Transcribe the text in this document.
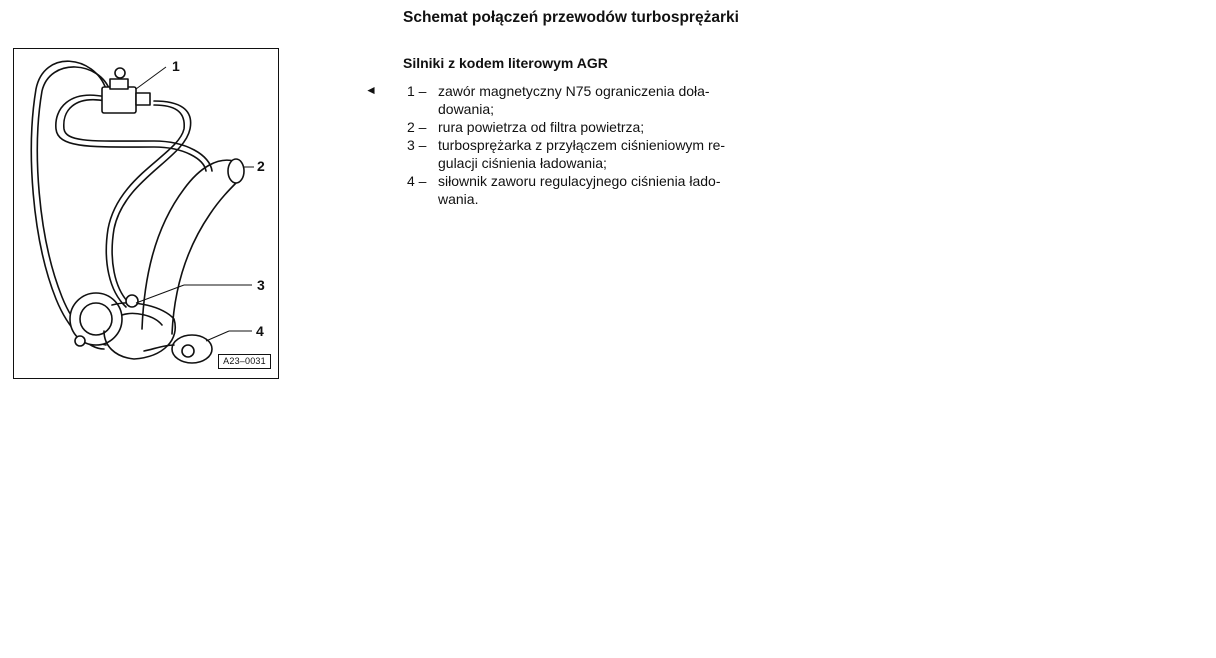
1
2
3
4
A23–0031
Schemat połączeń przewodów turbosprężarki
Silniki z kodem literowym AGR
◄ 1 – zawór magnetyczny N75 ograniczenia doła-dowania;
2 – rura powietrza od filtra powietrza;
3 – turbosprężarka z przyłączem ciśnieniowym re-gulacji ciśnienia ładowania;
4 – siłownik zaworu regulacyjnego ciśnienia łado-wania.
